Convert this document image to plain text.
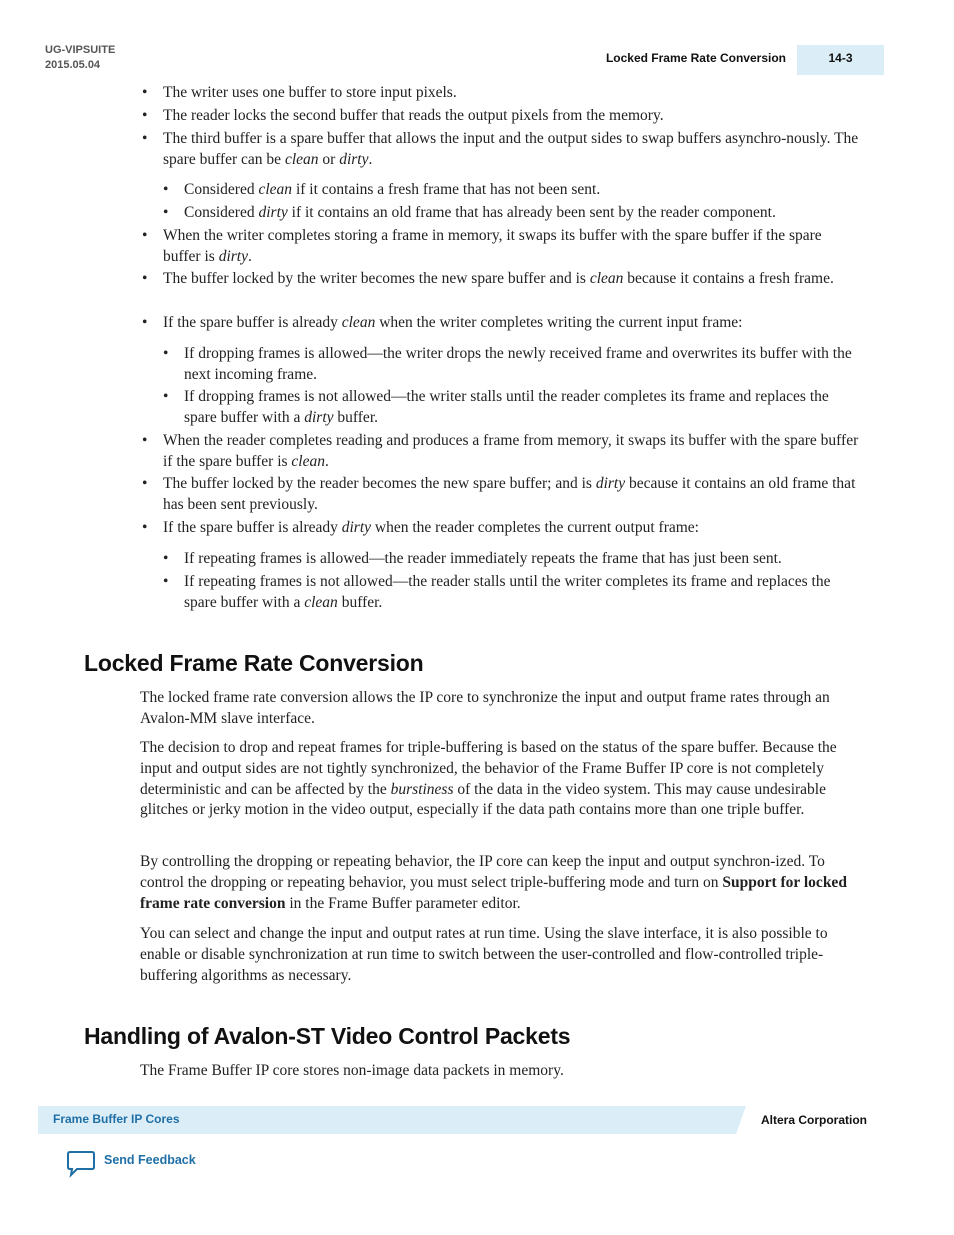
UG-VIPSUITE
2015.05.04	Locked Frame Rate Conversion	14-3
• The writer uses one buffer to store input pixels.
• The reader locks the second buffer that reads the output pixels from the memory.
• The third buffer is a spare buffer that allows the input and the output sides to swap buffers asynchro-nously. The spare buffer can be clean or dirty.
• Considered clean if it contains a fresh frame that has not been sent.
• Considered dirty if it contains an old frame that has already been sent by the reader component.
• When the writer completes storing a frame in memory, it swaps its buffer with the spare buffer if the spare buffer is dirty.
• The buffer locked by the writer becomes the new spare buffer and is clean because it contains a fresh frame.
• If the spare buffer is already clean when the writer completes writing the current input frame:
• If dropping frames is allowed—the writer drops the newly received frame and overwrites its buffer with the next incoming frame.
• If dropping frames is not allowed—the writer stalls until the reader completes its frame and replaces the spare buffer with a dirty buffer.
• When the reader completes reading and produces a frame from memory, it swaps its buffer with the spare buffer if the spare buffer is clean.
• The buffer locked by the reader becomes the new spare buffer; and is dirty because it contains an old frame that has been sent previously.
• If the spare buffer is already dirty when the reader completes the current output frame:
• If repeating frames is allowed—the reader immediately repeats the frame that has just been sent.
• If repeating frames is not allowed—the reader stalls until the writer completes its frame and replaces the spare buffer with a clean buffer.
Locked Frame Rate Conversion
The locked frame rate conversion allows the IP core to synchronize the input and output frame rates through an Avalon-MM slave interface.
The decision to drop and repeat frames for triple-buffering is based on the status of the spare buffer. Because the input and output sides are not tightly synchronized, the behavior of the Frame Buffer IP core is not completely deterministic and can be affected by the burstiness of the data in the video system. This may cause undesirable glitches or jerky motion in the video output, especially if the data path contains more than one triple buffer.
By controlling the dropping or repeating behavior, the IP core can keep the input and output synchron-ized. To control the dropping or repeating behavior, you must select triple-buffering mode and turn on Support for locked frame rate conversion in the Frame Buffer parameter editor.
You can select and change the input and output rates at run time. Using the slave interface, it is also possible to enable or disable synchronization at run time to switch between the user-controlled and flow-controlled triple-buffering algorithms as necessary.
Handling of Avalon-ST Video Control Packets
The Frame Buffer IP core stores non-image data packets in memory.
Frame Buffer IP Cores	Altera Corporation
Send Feedback
